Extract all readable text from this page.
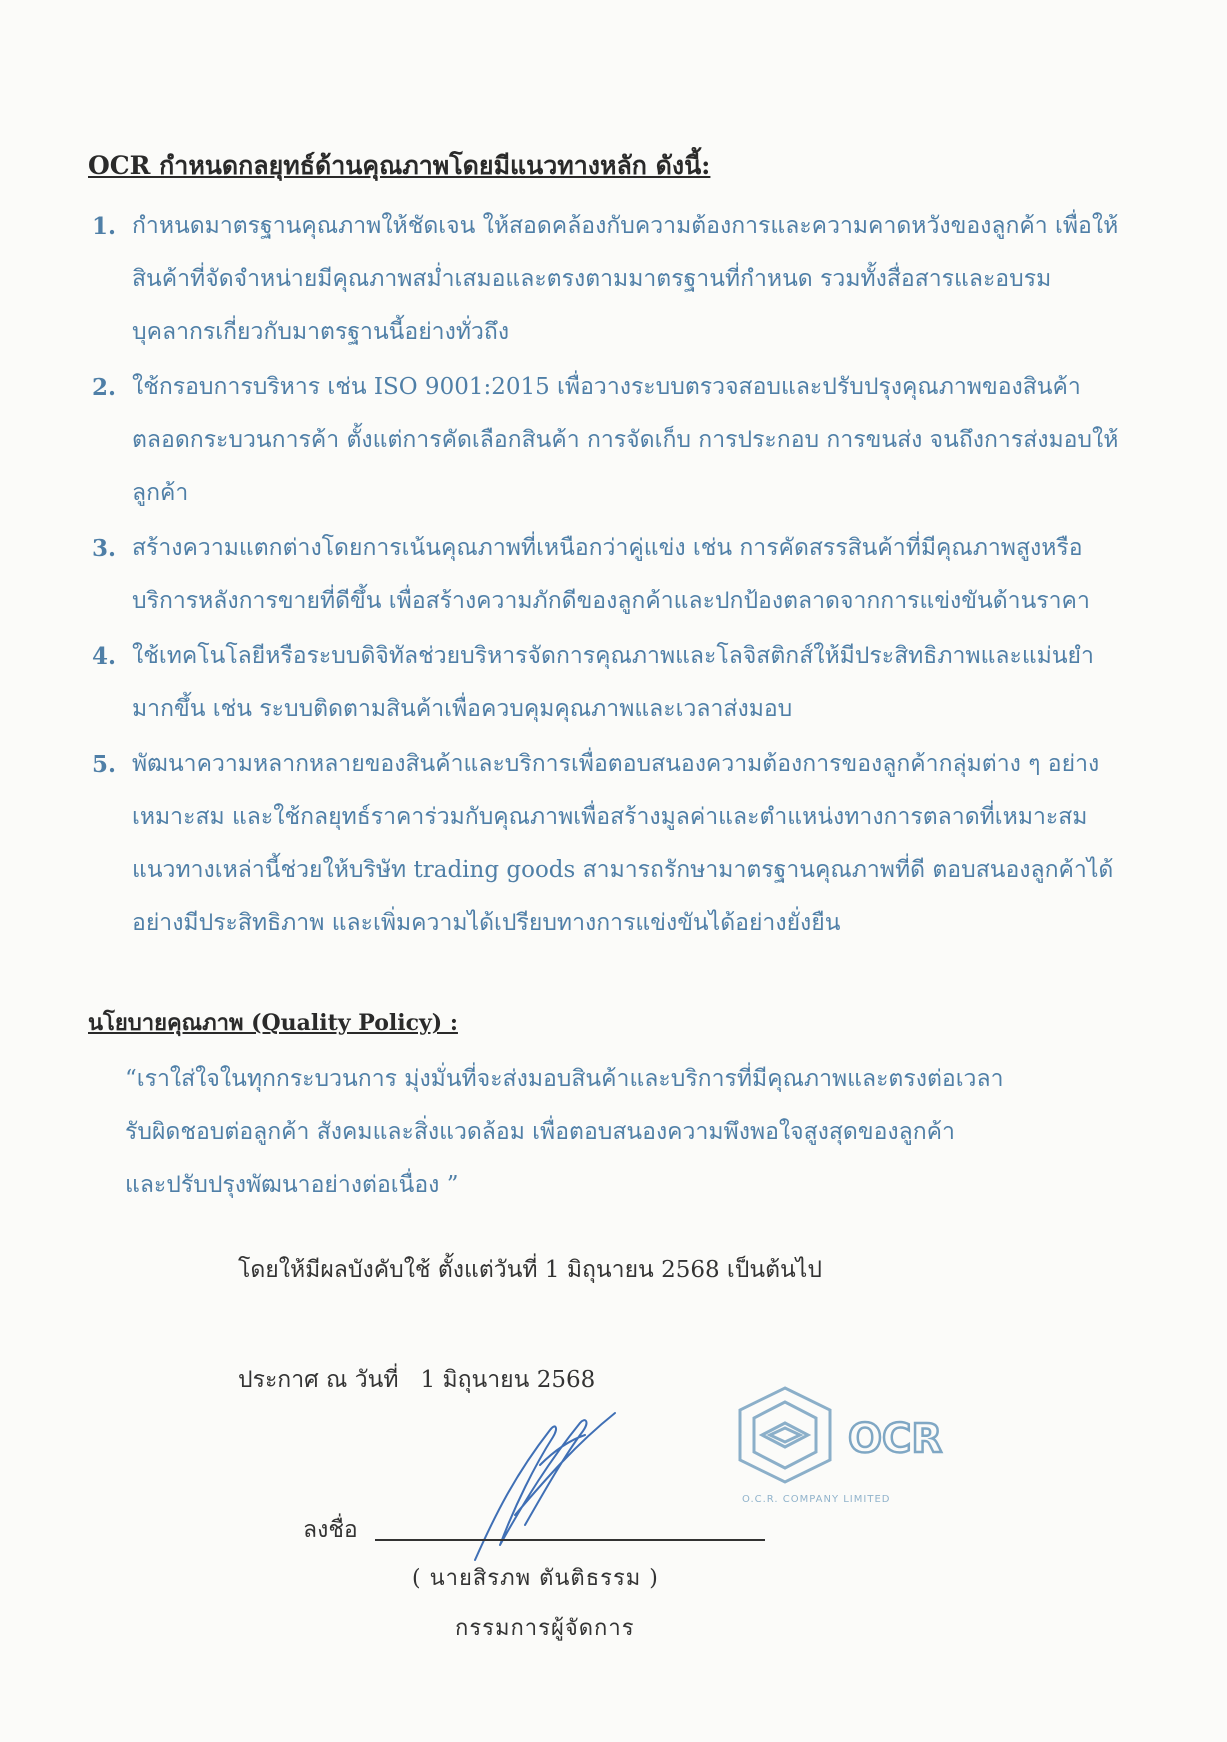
OCR กำหนดกลยุทธ์ด้านคุณภาพโดยมีแนวทางหลัก ดังนี้:
1. กำหนดมาตรฐานคุณภาพให้ชัดเจน ให้สอดคล้องกับความต้องการและความคาดหวังของลูกค้า เพื่อให้
สินค้าที่จัดจำหน่ายมีคุณภาพสม่ำเสมอและตรงตามมาตรฐานที่กำหนด รวมทั้งสื่อสารและอบรม
บุคลากรเกี่ยวกับมาตรฐานนี้อย่างทั่วถึง
2. ใช้กรอบการบริหาร เช่น ISO 9001:2015 เพื่อวางระบบตรวจสอบและปรับปรุงคุณภาพของสินค้า
ตลอดกระบวนการค้า ตั้งแต่การคัดเลือกสินค้า การจัดเก็บ การประกอบ การขนส่ง จนถึงการส่งมอบให้
ลูกค้า
3. สร้างความแตกต่างโดยการเน้นคุณภาพที่เหนือกว่าคู่แข่ง เช่น การคัดสรรสินค้าที่มีคุณภาพสูงหรือ
บริการหลังการขายที่ดีขึ้น เพื่อสร้างความภักดีของลูกค้าและปกป้องตลาดจากการแข่งขันด้านราคา
4. ใช้เทคโนโลยีหรือระบบดิจิทัลช่วยบริหารจัดการคุณภาพและโลจิสติกส์ให้มีประสิทธิภาพและแม่นยำ
มากขึ้น เช่น ระบบติดตามสินค้าเพื่อควบคุมคุณภาพและเวลาส่งมอบ
5. พัฒนาความหลากหลายของสินค้าและบริการเพื่อตอบสนองความต้องการของลูกค้ากลุ่มต่าง ๆ อย่าง
เหมาะสม และใช้กลยุทธ์ราคาร่วมกับคุณภาพเพื่อสร้างมูลค่าและตำแหน่งทางการตลาดที่เหมาะสม
แนวทางเหล่านี้ช่วยให้บริษัท trading goods สามารถรักษามาตรฐานคุณภาพที่ดี ตอบสนองลูกค้าได้
อย่างมีประสิทธิภาพ และเพิ่มความได้เปรียบทางการแข่งขันได้อย่างยั่งยืน
นโยบายคุณภาพ (Quality Policy) :
“เราใส่ใจในทุกกระบวนการ มุ่งมั่นที่จะส่งมอบสินค้าและบริการที่มีคุณภาพและตรงต่อเวลา
รับผิดชอบต่อลูกค้า สังคมและสิ่งแวดล้อม เพื่อตอบสนองความพึงพอใจสูงสุดของลูกค้า
และปรับปรุงพัฒนาอย่างต่อเนื่อง ”
โดยให้มีผลบังคับใช้ ตั้งแต่วันที่ 1 มิถุนายน 2568 เป็นต้นไป
ประกาศ ณ วันที่ 1 มิถุนายน 2568
ลงชื่อ
( นายสิรภพ ตันติธรรม )
กรรมการผู้จัดการ
OCR
O.C.R. COMPANY LIMITED
